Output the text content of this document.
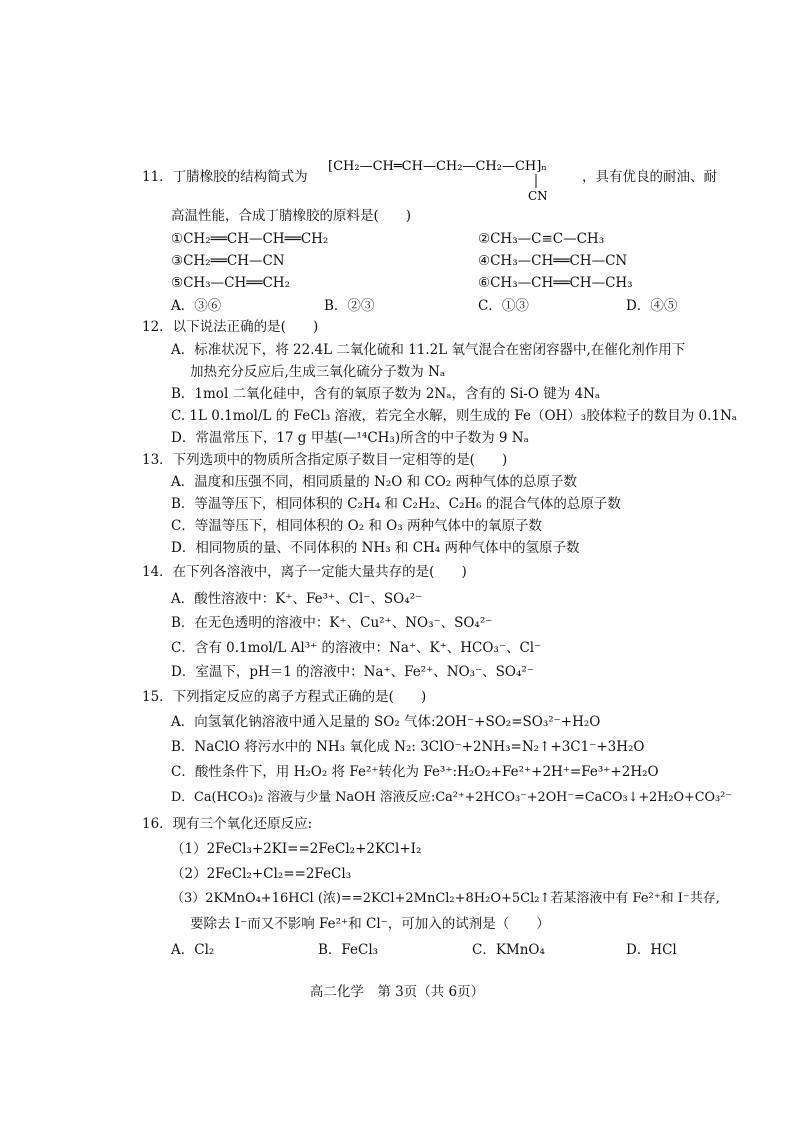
11．丁腈橡胶的结构简式为
[CH₂—CH═CH—CH₂—CH₂—CH]ₙ
CN
，具有优良的耐油、耐
高温性能，合成丁腈橡胶的原料是(　　)
①CH₂══CH—CH══CH₂	②CH₃—C≡C—CH₃
③CH₂══CH—CN	④CH₃—CH══CH—CN
⑤CH₃—CH══CH₂	⑥CH₃—CH══CH—CH₃
A．③⑥	B．②③	C．①③	D．④⑤
12．以下说法正确的是(　　)
A．标准状况下，将 22.4L 二氧化硫和 11.2L 氧气混合在密闭容器中,在催化剂作用下
加热充分反应后,生成三氧化硫分子数为 Nₐ
B．1mol 二氧化硅中，含有的氧原子数为 2Nₐ，含有的 Si-O 键为 4Nₐ
C. 1L 0.1mol/L 的 FeCl₃ 溶液，若完全水解，则生成的 Fe（OH）₃胶体粒子的数目为 0.1Nₐ
D．常温常压下，17 g 甲基(—¹⁴CH₃)所含的中子数为 9 Nₐ
13．下列选项中的物质所含指定原子数目一定相等的是(　　)
A．温度和压强不同，相同质量的 N₂O 和 CO₂ 两种气体的总原子数
B．等温等压下，相同体积的 C₂H₄ 和 C₂H₂、C₂H₆ 的混合气体的总原子数
C．等温等压下，相同体积的 O₂ 和 O₃ 两种气体中的氧原子数
D．相同物质的量、不同体积的 NH₃ 和 CH₄ 两种气体中的氢原子数
14．在下列各溶液中，离子一定能大量共存的是(　　)
A．酸性溶液中：K⁺、Fe³⁺、Cl⁻、SO₄²⁻
B．在无色透明的溶液中：K⁺、Cu²⁺、NO₃⁻、SO₄²⁻
C．含有 0.1mol/L Al³⁺ 的溶液中：Na⁺、K⁺、HCO₃⁻、Cl⁻
D．室温下，pH＝1 的溶液中：Na⁺、Fe²⁺、NO₃⁻、SO₄²⁻
15．下列指定反应的离子方程式正确的是(　　)
A．向氢氧化钠溶液中通入足量的 SO₂ 气体:2OH⁻+SO₂=SO₃²⁻+H₂O
B．NaClO 将污水中的 NH₃ 氧化成 N₂: 3ClO⁻+2NH₃=N₂↑+3C1⁻+3H₂O
C．酸性条件下，用 H₂O₂ 将 Fe²⁺转化为 Fe³⁺:H₂O₂+Fe²⁺+2H⁺=Fe³⁺+2H₂O
D．Ca(HCO₃)₂ 溶液与少量 NaOH 溶液反应:Ca²⁺+2HCO₃⁻+2OH⁻=CaCO₃↓+2H₂O+CO₃²⁻
16．现有三个氧化还原反应:
（1）2FeCl₃+2KI==2FeCl₂+2KCl+I₂
（2）2FeCl₂+Cl₂==2FeCl₃
（3）2KMnO₄+16HCl (浓)==2KCl+2MnCl₂+8H₂O+5Cl₂↑若某溶液中有 Fe²⁺和 I⁻共存,
要除去 I⁻而又不影响 Fe²⁺和 Cl⁻，可加入的试剂是（　　）
A．Cl₂	B．FeCl₃	C．KMnO₄	D．HCl
高二化学　第 3页（共 6页）
